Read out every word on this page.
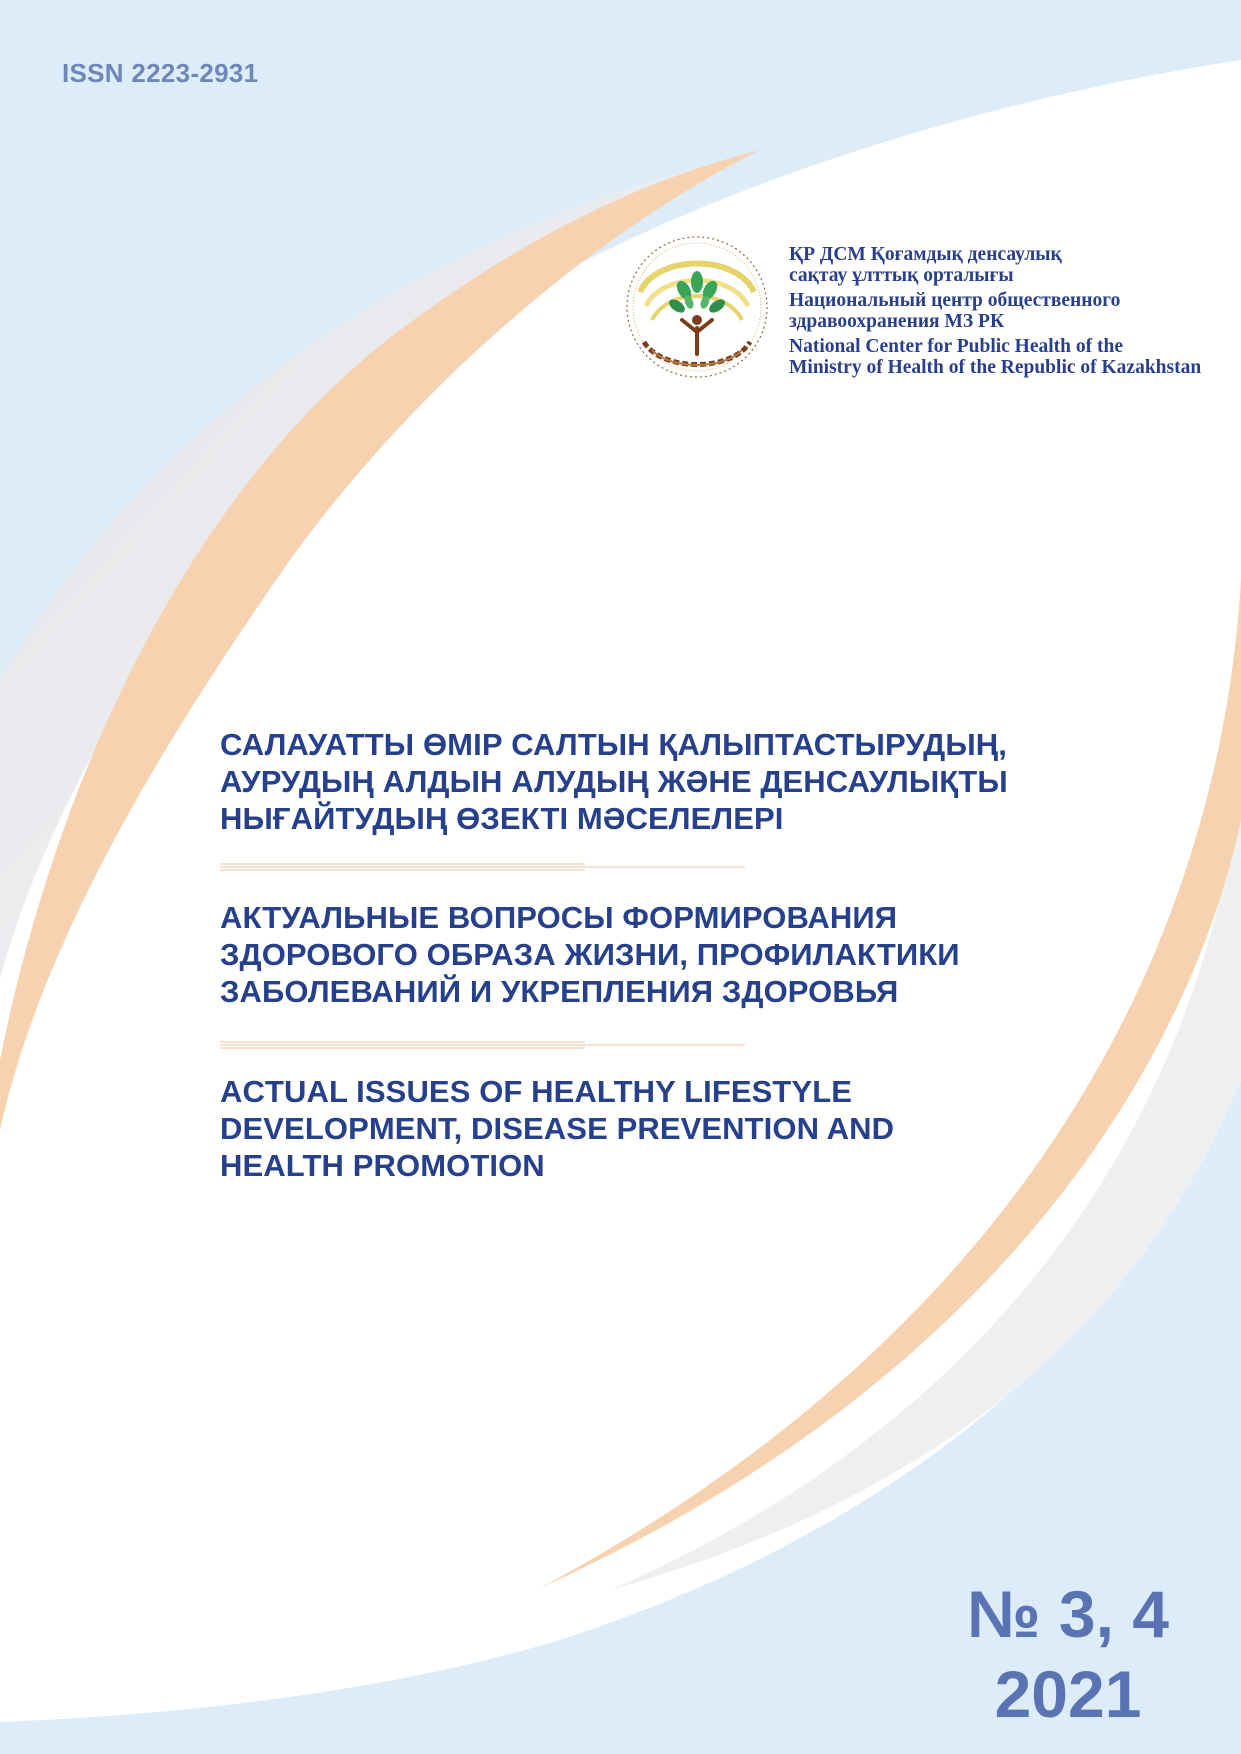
ISSN 2223-2931
ҚР ДСМ Қоғамдық денсаулық
сақтау ұлттық орталығы
Национальный центр общественного
здравоохранения МЗ РК
National Center for Public Health of the
Ministry of Health of the Republic of Kazakhstan
САЛАУАТТЫ ӨМІР САЛТЫН ҚАЛЫПТАСТЫРУДЫҢ,
АУРУДЫҢ АЛДЫН АЛУДЫҢ ЖӘНЕ ДЕНСАУЛЫҚТЫ
НЫҒАЙТУДЫҢ ӨЗЕКТІ МӘСЕЛЕЛЕРІ
АКТУАЛЬНЫЕ ВОПРОСЫ ФОРМИРОВАНИЯ
ЗДОРОВОГО ОБРАЗА ЖИЗНИ, ПРОФИЛАКТИКИ
ЗАБОЛЕВАНИЙ И УКРЕПЛЕНИЯ ЗДОРОВЬЯ
ACTUAL ISSUES OF HEALTHY LIFESTYLE
DEVELOPMENT, DISEASE PREVENTION AND
HEALTH PROMOTION
№ 3, 4
2021
